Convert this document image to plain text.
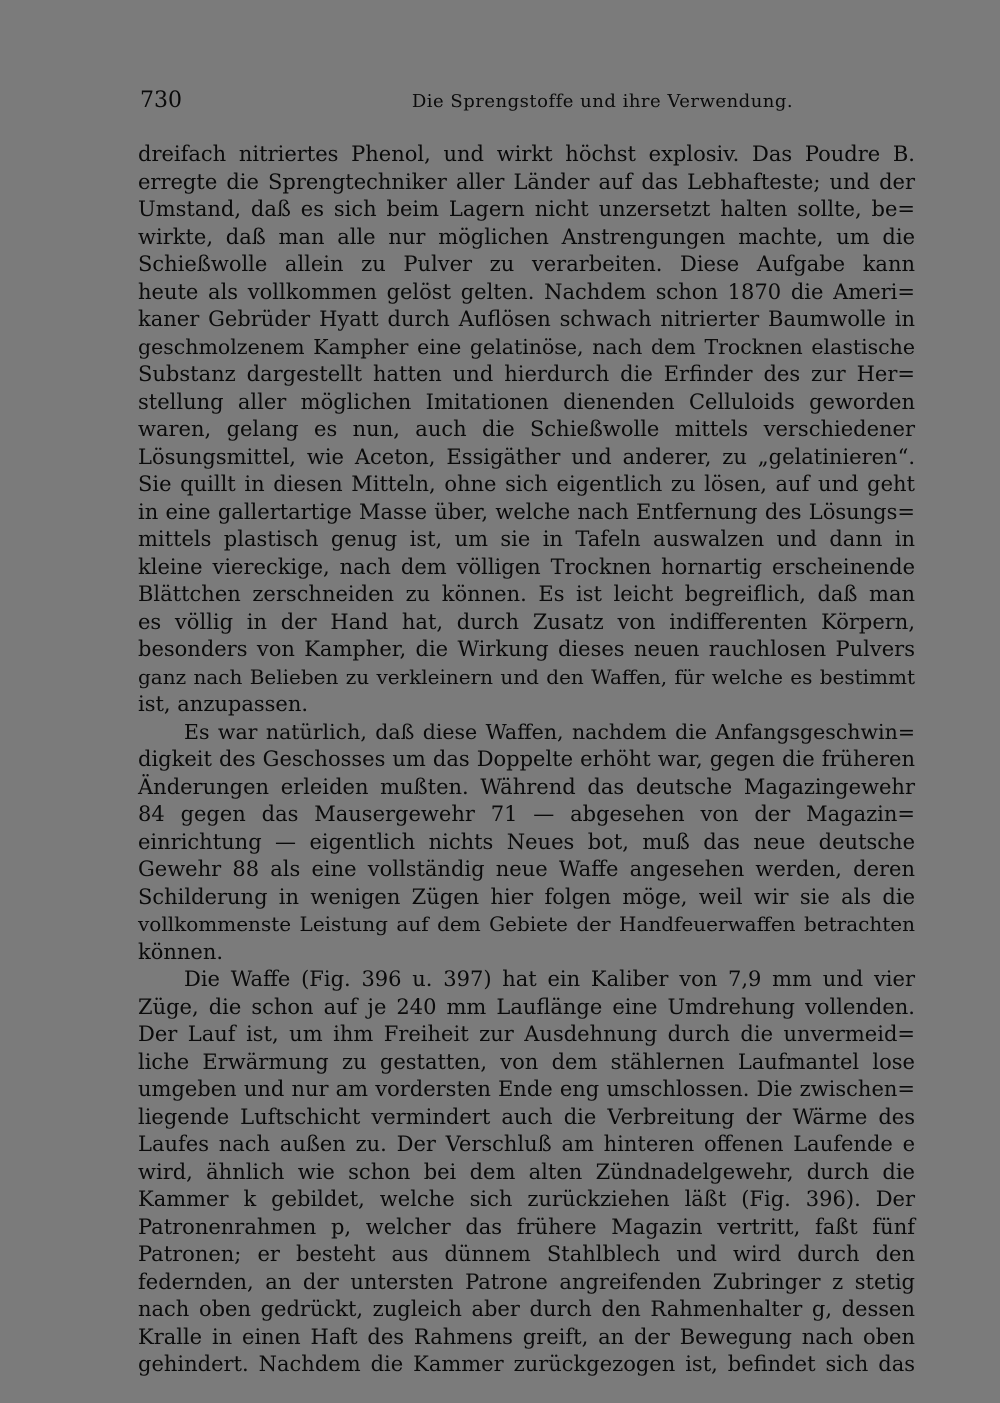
730	Die Sprengstoffe und ihre Verwendung.

dreifach nitriertes Phenol, und wirkt höchst explosiv. Das Poudre B.

erregte die Sprengtechniker aller Länder auf das Lebhafteste; und der

Umstand, daß es sich beim Lagern nicht unzersetzt halten sollte, be=

wirkte, daß man alle nur möglichen Anstrengungen machte, um die

Schießwolle allein zu Pulver zu verarbeiten. Diese Aufgabe kann

heute als vollkommen gelöst gelten. Nachdem schon 1870 die Ameri=

kaner Gebrüder Hyatt durch Auflösen schwach nitrierter Baumwolle in

geschmolzenem Kampher eine gelatinöse, nach dem Trocknen elastische

Substanz dargestellt hatten und hierdurch die Erfinder des zur Her=

stellung aller möglichen Imitationen dienenden Celluloids geworden

waren, gelang es nun, auch die Schießwolle mittels verschiedener

Lösungsmittel, wie Aceton, Essigäther und anderer, zu „gelatinieren“.

Sie quillt in diesen Mitteln, ohne sich eigentlich zu lösen, auf und geht

in eine gallertartige Masse über, welche nach Entfernung des Lösungs=

mittels plastisch genug ist, um sie in Tafeln auswalzen und dann in

kleine viereckige, nach dem völligen Trocknen hornartig erscheinende

Blättchen zerschneiden zu können. Es ist leicht begreiflich, daß man

es völlig in der Hand hat, durch Zusatz von indifferenten Körpern,

besonders von Kampher, die Wirkung dieses neuen rauchlosen Pulvers

ganz nach Belieben zu verkleinern und den Waffen, für welche es bestimmt

ist, anzupassen.

Es war natürlich, daß diese Waffen, nachdem die Anfangsgeschwin=

digkeit des Geschosses um das Doppelte erhöht war, gegen die früheren

Änderungen erleiden mußten. Während das deutsche Magazingewehr

84 gegen das Mausergewehr 71 — abgesehen von der Magazin=

einrichtung — eigentlich nichts Neues bot, muß das neue deutsche

Gewehr 88 als eine vollständig neue Waffe angesehen werden, deren

Schilderung in wenigen Zügen hier folgen möge, weil wir sie als die

vollkommenste Leistung auf dem Gebiete der Handfeuerwaffen betrachten

können.

Die Waffe (Fig. 396 u. 397) hat ein Kaliber von 7,9 mm und vier

Züge, die schon auf je 240 mm Lauflänge eine Umdrehung vollenden.

Der Lauf ist, um ihm Freiheit zur Ausdehnung durch die unvermeid=

liche Erwärmung zu gestatten, von dem stählernen Laufmantel lose

umgeben und nur am vordersten Ende eng umschlossen. Die zwischen=

liegende Luftschicht vermindert auch die Verbreitung der Wärme des

Laufes nach außen zu. Der Verschluß am hinteren offenen Laufende e

wird, ähnlich wie schon bei dem alten Zündnadelgewehr, durch die

Kammer k gebildet, welche sich zurückziehen läßt (Fig. 396). Der

Patronenrahmen p, welcher das frühere Magazin vertritt, faßt fünf

Patronen; er besteht aus dünnem Stahlblech und wird durch den

federnden, an der untersten Patrone angreifenden Zubringer z stetig

nach oben gedrückt, zugleich aber durch den Rahmenhalter g, dessen

Kralle in einen Haft des Rahmens greift, an der Bewegung nach oben

gehindert. Nachdem die Kammer zurückgezogen ist, befindet sich das
